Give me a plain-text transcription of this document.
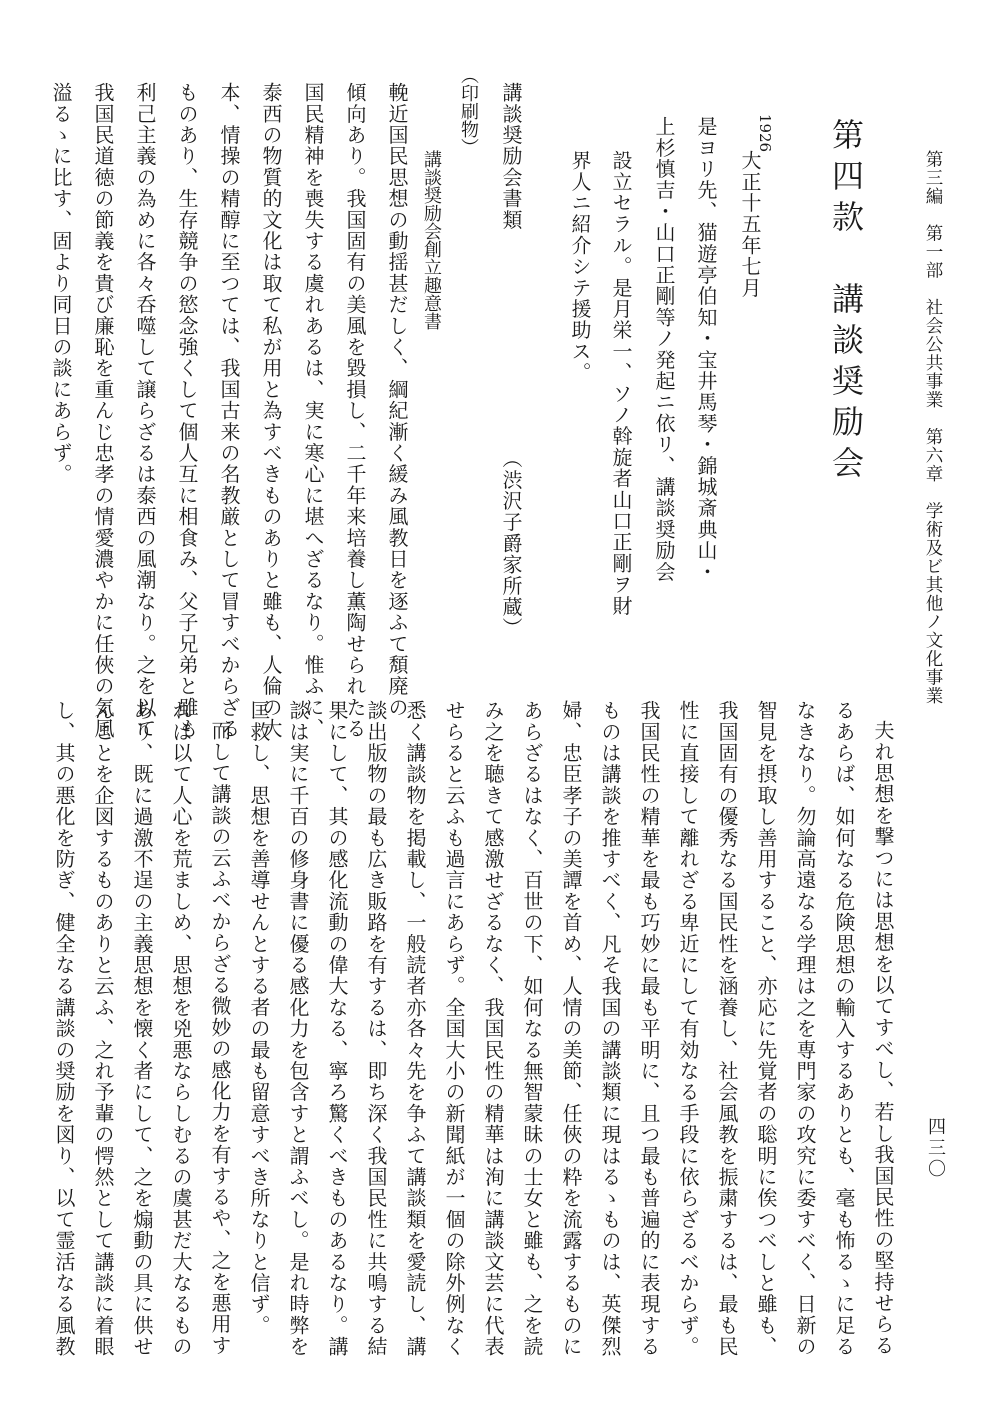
第三編　第一部　社会公共事業　第六章　学術及ビ其他ノ文化事業
第四款　講談奨励会
1926
大正十五年七月
是ヨリ先、猫遊亭伯知・宝井馬琴・錦城斎典山・
上杉慎吉・山口正剛等ノ発起ニ依リ、講談奨励会
設立セラル。是月栄一、ソノ斡旋者山口正剛ヲ財
界人ニ紹介シテ援助ス。
講談奨励会書類
（渋沢子爵家所蔵）
（印刷物）
講談奨励会創立趣意書
輓近国民思想の動揺甚だしく、綱紀漸く緩み風教日を逐ふて頽廃の
傾向あり。我国固有の美風を毀損し、二千年来培養し薫陶せられたる
国民精神を喪失する虞れあるは、実に寒心に堪へざるなり。惟ふに、
泰西の物質的文化は取て私が用と為すべきものありと雖も、人倫の大
本、情操の精醇に至つては、我国古来の名教厳として冒すべからざる
ものあり、生存競争の慾念強くして個人互に相食み、父子兄弟と雖も
利己主義の為めに各々呑噬して譲らざるは泰西の風潮なり。之を以て
我国民道徳の節義を貴び廉恥を重んじ忠孝の情愛濃やかに任俠の気風
溢るゝに比す、固より同日の談にあらず。
四三〇
夫れ思想を撃つには思想を以てすべし、若し我国民性の堅持せらる
るあらば、如何なる危険思想の輸入するありとも、毫も怖るゝに足る
なきなり。勿論高遠なる学理は之を専門家の攻究に委すべく、日新の
智見を摂取し善用すること、亦応に先覚者の聡明に俟つべしと雖も、
我国固有の優秀なる国民性を涵養し、社会風教を振粛するは、最も民
性に直接して離れざる卑近にして有効なる手段に依らざるべからず。
我国民性の精華を最も巧妙に最も平明に、且つ最も普遍的に表現する
ものは講談を推すべく、凡そ我国の講談類に現はるゝものは、英傑烈
婦、忠臣孝子の美譚を首め、人情の美節、任俠の粋を流露するものに
あらざるはなく、百世の下、如何なる無智蒙昧の士女と雖も、之を読
み之を聴きて感激せざるなく、我国民性の精華は洵に講談文芸に代表
せらると云ふも過言にあらず。全国大小の新聞紙が一個の除外例なく
悉く講談物を掲載し、一般読者亦各々先を争ふて講談類を愛読し、講
談出版物の最も広き販路を有するは、即ち深く我国民性に共鳴する結
果にして、其の感化流動の偉大なる、寧ろ驚くべきものあるなり。講
談は実に千百の修身書に優る感化力を包含すと謂ふべし。是れ時弊を
匡救し、思想を善導せんとする者の最も留意すべき所なりと信ず。
而して講談の云ふべからざる微妙の感化力を有するや、之を悪用す
れば以て人心を荒ましめ、思想を兇悪ならしむるの虞甚だ大なるもの
あり、既に過激不逞の主義思想を懐く者にして、之を煽動の具に供せ
んことを企図するものありと云ふ、之れ予輩の愕然として講談に着眼
し、其の悪化を防ぎ、健全なる講談の奨励を図り、以て霊活なる風教
